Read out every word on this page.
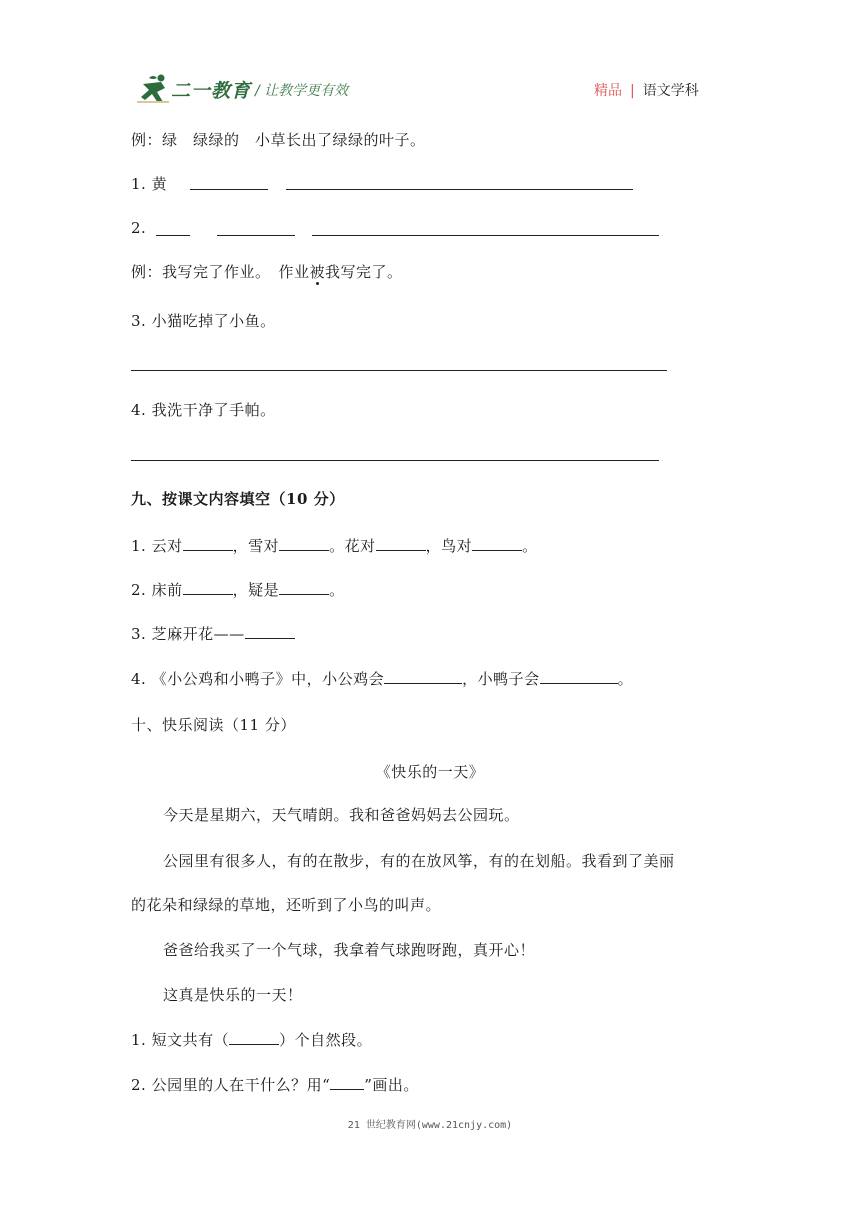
二一教育 / 让教学更有效	精品 | 语文学科
例：绿　绿绿的　小草长出了绿绿的叶子。
1. 黄
2.
例：我写完了作业。　作业被我写完了。
3. 小猫吃掉了小鱼。
4. 我洗干净了手帕。
九、按课文内容填空（10 分）
1. 云对	，雪对	。花对	，鸟对	。
2. 床前	，疑是	。
3. 芝麻开花——
4. 《小公鸡和小鸭子》中，小公鸡会	，小鸭子会	。
十、快乐阅读（11 分）
《快乐的一天》
今天是星期六，天气晴朗。我和爸爸妈妈去公园玩。
公园里有很多人，有的在散步，有的在放风筝，有的在划船。我看到了美丽
的花朵和绿绿的草地，还听到了小鸟的叫声。
爸爸给我买了一个气球，我拿着气球跑呀跑，真开心！
这真是快乐的一天！
1. 短文共有（	）个自然段。
2. 公园里的人在干什么？用“ ”画出。
21 世纪教育网(www.21cnjy.com)
